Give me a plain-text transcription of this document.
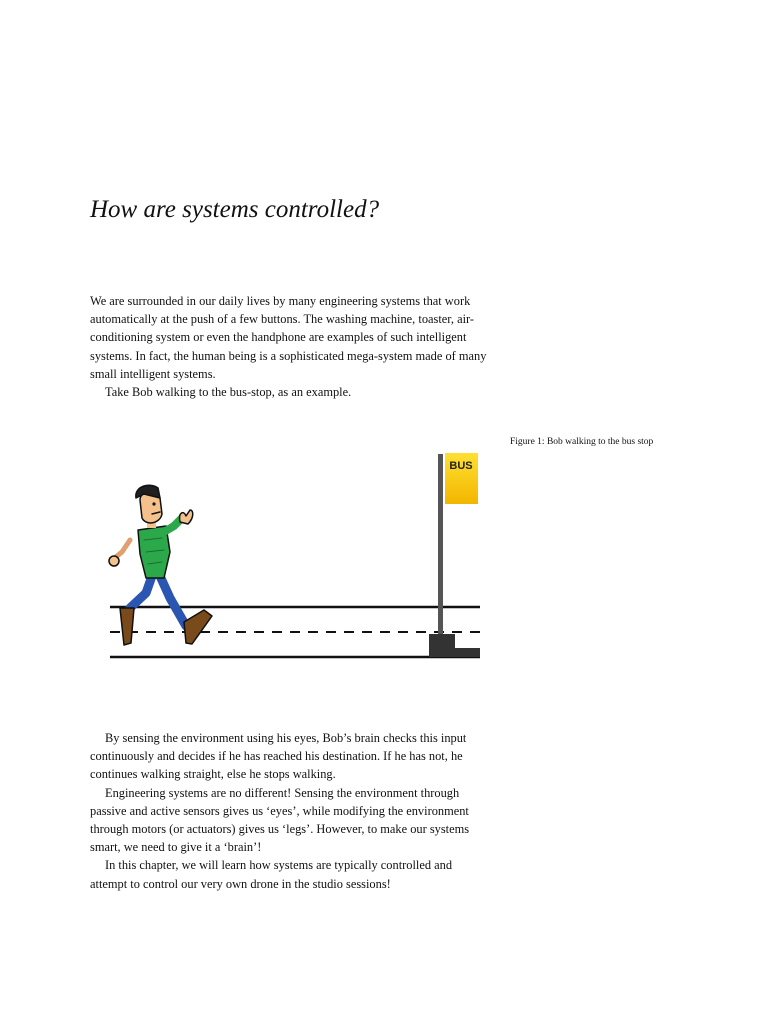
How are systems controlled?

We are surrounded in our daily lives by many engineering systems that work automatically at the push of a few buttons. The washing machine, toaster, air-conditioning system or even the handphone are examples of such intelligent systems. In fact, the human being is a sophisticated mega-system made of many small intelligent systems.

Take Bob walking to the bus-stop, as an example.

Figure 1: Bob walking to the bus stop
BUS

By sensing the environment using his eyes, Bob’s brain checks this input continuously and decides if he has reached his destination. If he has not, he continues walking straight, else he stops walking.

Engineering systems are no different! Sensing the environment through passive and active sensors gives us ‘eyes’, while modifying the environment through motors (or actuators) gives us ‘legs’. However, to make our systems smart, we need to give it a ‘brain’!

In this chapter, we will learn how systems are typically controlled and attempt to control our very own drone in the studio sessions!
